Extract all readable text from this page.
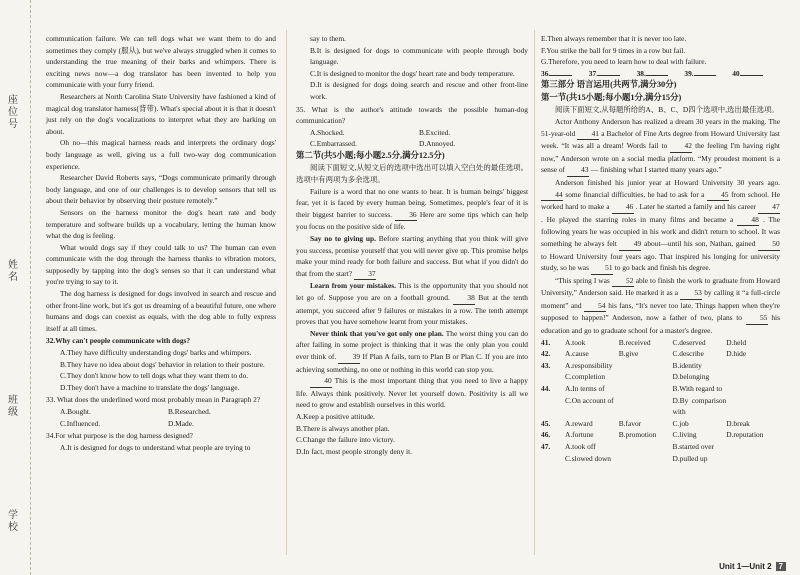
座位号
姓名
班级
学校

communication failure. We can tell dogs what we want them to do and sometimes they comply (服从), but we've always struggled when it comes to understanding the true meaning of their barks and whimpers. There is exciting news now—a dog translator has been invented to help you communicate with your furry friend.

Researchers at North Carolina State University have fashioned a kind of magical dog translator harness(背带). What's special about it is that it doesn't just rely on the dog's vocalizations to interpret what they are barking on about.

Oh no—this magical harness reads and interprets the ordinary dogs' body language as well, giving us a full two-way dog communication experience.

Researcher David Roberts says, “Dogs communicate primarily through body language, and one of our challenges is to develop sensors that tell us about their behavior by observing their posture remotely.”

Sensors on the harness monitor the dog's heart rate and body temperature and software builds up a vocabulary, letting the human know what the dog is feeling.

What would dogs say if they could talk to us? The human can even communicate with the dog through the harness thanks to vibration motors, supposedly by tapping into the dog's senses so that it can understand what you're trying to say to it.

The dog harness is designed for dogs involved in search and rescue and other front-line work, but it's got us dreaming of a beautiful future, one where humans and dogs can coexist as equals, with the dog able to fully express itself at all times.

32.Why can't people communicate with dogs?

A.They have difficulty understanding dogs' barks and whimpers.

B.They have no idea about dogs' behavior in relation to their posture.

C.They don't know how to tell dogs what they want them to do.

D.They don't have a machine to translate the dogs' language.

33. What does the underlined word most probably mean in Paragraph 2?

A.Bought.	B.Researched.
C.Influenced.	D.Made.

34.For what purpose is the dog harness designed?

A.It is designed for dogs to understand what people are trying to

say to them.

B.It is designed for dogs to communicate with people through body language.

C.It is designed to monitor the dogs' heart rate and body temperature.

D.It is designed for dogs doing search and rescue and other front-line work.

35. What is the author's attitude towards the possible human-dog communication?

A.Shocked.	B.Excited.
C.Embarrassed.	D.Annoyed.

第二节(共5小题;每小题2.5分,满分12.5分)

阅读下面短文,从短文后的选项中选出可以填入空白处的最佳选项。选项中有两项为多余选项。

Failure is a word that no one wants to hear. It is human beings' biggest fear, yet it is faced by every human being. Sometimes, people's fear of it is their biggest barrier to success. 36 Here are some tips which can help you focus on the positive side of life.

Say no to giving up. Before starting anything that you think will give you success, promise yourself that you will never give up. This promise helps make your mind ready for both failure and success. But what if you didn't do that from the start? 37

Learn from your mistakes. This is the opportunity that you should not let go of. Suppose you are on a football ground. 38 But at the tenth attempt, you succeed after 9 failures or mistakes in a row. The tenth attempt proves that you have somehow learnt from your mistakes.

Never think that you've got only one plan. The worst thing you can do after failing in some project is thinking that it was the only plan you could ever think of. 39 If Plan A fails, turn to Plan B or Plan C. If you are into achieving something, no one or nothing in this world can stop you.

40 This is the most important thing that you need to live a happy life. Always think positively. Never let yourself down. Positivity is all we need to grow and establish ourselves in this world.

A.Keep a positive attitude.

B.There is always another plan.

C.Change the failure into victory.

D.In fact, most people strongly deny it.

E.Then always remember that it is never too late.

F.You strike the ball for 9 times in a row but fail.

G.Therefore, you need to learn how to deal with failure.

36.	37.	38.	39.	40.

第三部分 语言运用(共两节,满分30分)

第一节(共15小题;每小题1分,满分15分)

阅读下面短文,从每题所给的A、B、C、D四个选项中,选出最佳选项。

Actor Anthony Anderson has realized a dream 30 years in the making. The 51-year-old 41 a Bachelor of Fine Arts degree from Howard University last week. “It was all a dream! Words fail to 42 the feeling I'm having right now,” Anderson wrote on a social media platform. “My proudest moment is a sense of 43 — finishing what I started many years ago.”

Anderson finished his junior year at Howard University 30 years ago. 44 some financial difficulties, he had to ask for a 45 from school. He worked hard to make a 46 . Later he started a family and his career 47 . He played the starring roles in many films and became a 48 . The following years he was occupied in his work and didn't return to school. It was something he always felt 49 about—until his son, Nathan, gained 50 to Howard University four years ago. That inspired his longing for university study, so he was 51 to go back and finish his degree.

“This spring I was 52 able to finish the work to graduate from Howard University,” Anderson said. He marked it as a 53 by calling it “a full-circle moment” and 54 his fans, “It's never too late. Things happen when they're supposed to happen!” Anderson, now a father of two, plans to 55 his education and go to graduate school for a master's degree.

41.	A.took	B.received	C.deserved	D.held
42.	A.cause	B.give	C.describe	D.hide
43.	A.responsibility	B.identity
C.completion	D.belonging
44.	A.In terms of	B.With regard to
C.On account of	D.By comparison with
45.	A.reward	B.favor	C.job	D.break
46.	A.fortune	B.promotion	C.living	D.reputation
47.	A.took off	B.started over
C.slowed down	D.pulled up
Unit 1—Unit 2 7
